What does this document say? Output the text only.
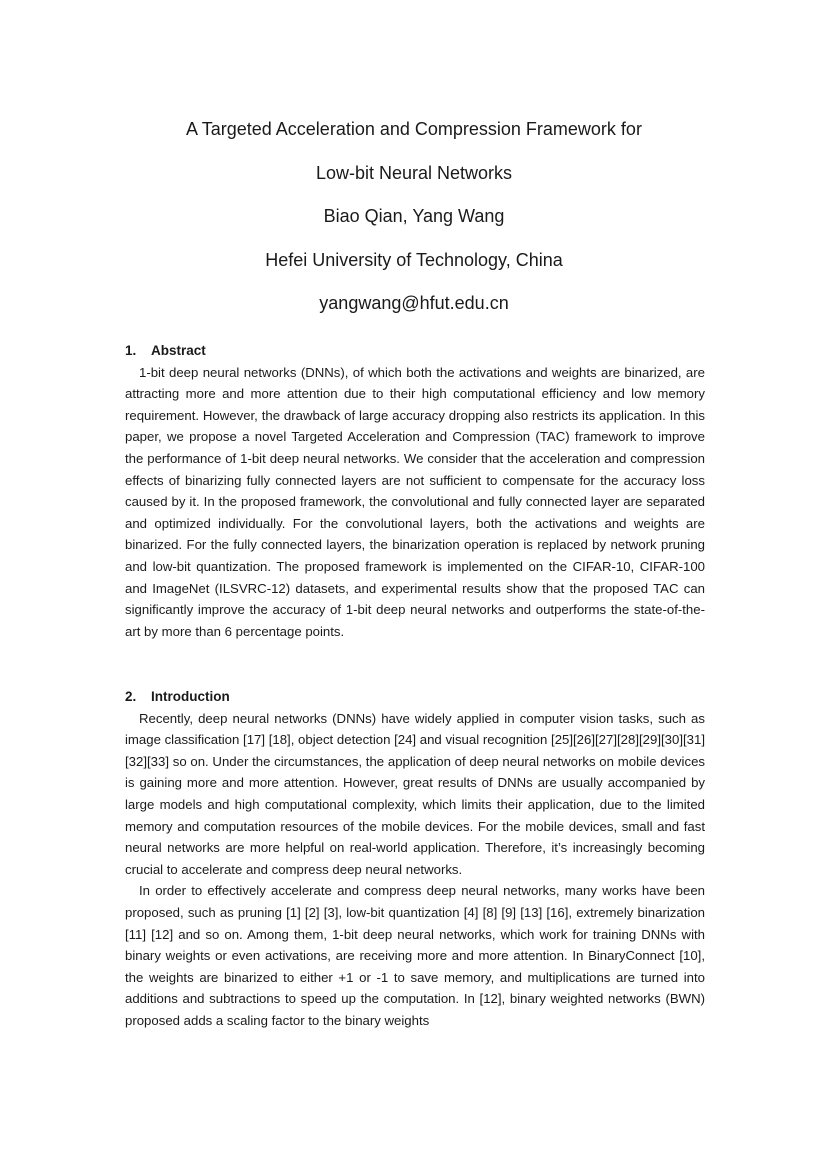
A Targeted Acceleration and Compression Framework for

Low-bit Neural Networks

Biao Qian, Yang Wang

Hefei University of Technology, China

yangwang@hfut.edu.cn

1. Abstract

1-bit deep neural networks (DNNs), of which both the activations and weights are binarized, are attracting more and more attention due to their high computational efficiency and low memory requirement. However, the drawback of large accuracy dropping also restricts its application. In this paper, we propose a novel Targeted Acceleration and Compression (TAC) framework to improve the performance of 1-bit deep neural networks. We consider that the acceleration and compression effects of binarizing fully connected layers are not sufficient to compensate for the accuracy loss caused by it. In the proposed framework, the convolutional and fully connected layer are separated and optimized individually. For the convolutional layers, both the activations and weights are binarized. For the fully connected layers, the binarization operation is replaced by network pruning and low-bit quantization. The proposed framework is implemented on the CIFAR-10, CIFAR-100 and ImageNet (ILSVRC-12) datasets, and experimental results show that the proposed TAC can significantly improve the accuracy of 1-bit deep neural networks and outperforms the state-of-the-art by more than 6 percentage points.

2. Introduction

Recently, deep neural networks (DNNs) have widely applied in computer vision tasks, such as image classification [17] [18], object detection [24] and visual recognition [25][26][27][28][29][30][31][32][33] so on. Under the circumstances, the application of deep neural networks on mobile devices is gaining more and more attention. However, great results of DNNs are usually accompanied by large models and high computational complexity, which limits their application, due to the limited memory and computation resources of the mobile devices. For the mobile devices, small and fast neural networks are more helpful on real-world application. Therefore, it’s increasingly becoming crucial to accelerate and compress deep neural networks.

In order to effectively accelerate and compress deep neural networks, many works have been proposed, such as pruning [1] [2] [3], low-bit quantization [4] [8] [9] [13] [16], extremely binarization [11] [12] and so on. Among them, 1-bit deep neural networks, which work for training DNNs with binary weights or even activations, are receiving more and more attention. In BinaryConnect [10], the weights are binarized to either +1 or -1 to save memory, and multiplications are turned into additions and subtractions to speed up the computation. In [12], binary weighted networks (BWN) proposed adds a scaling factor to the binary weights
